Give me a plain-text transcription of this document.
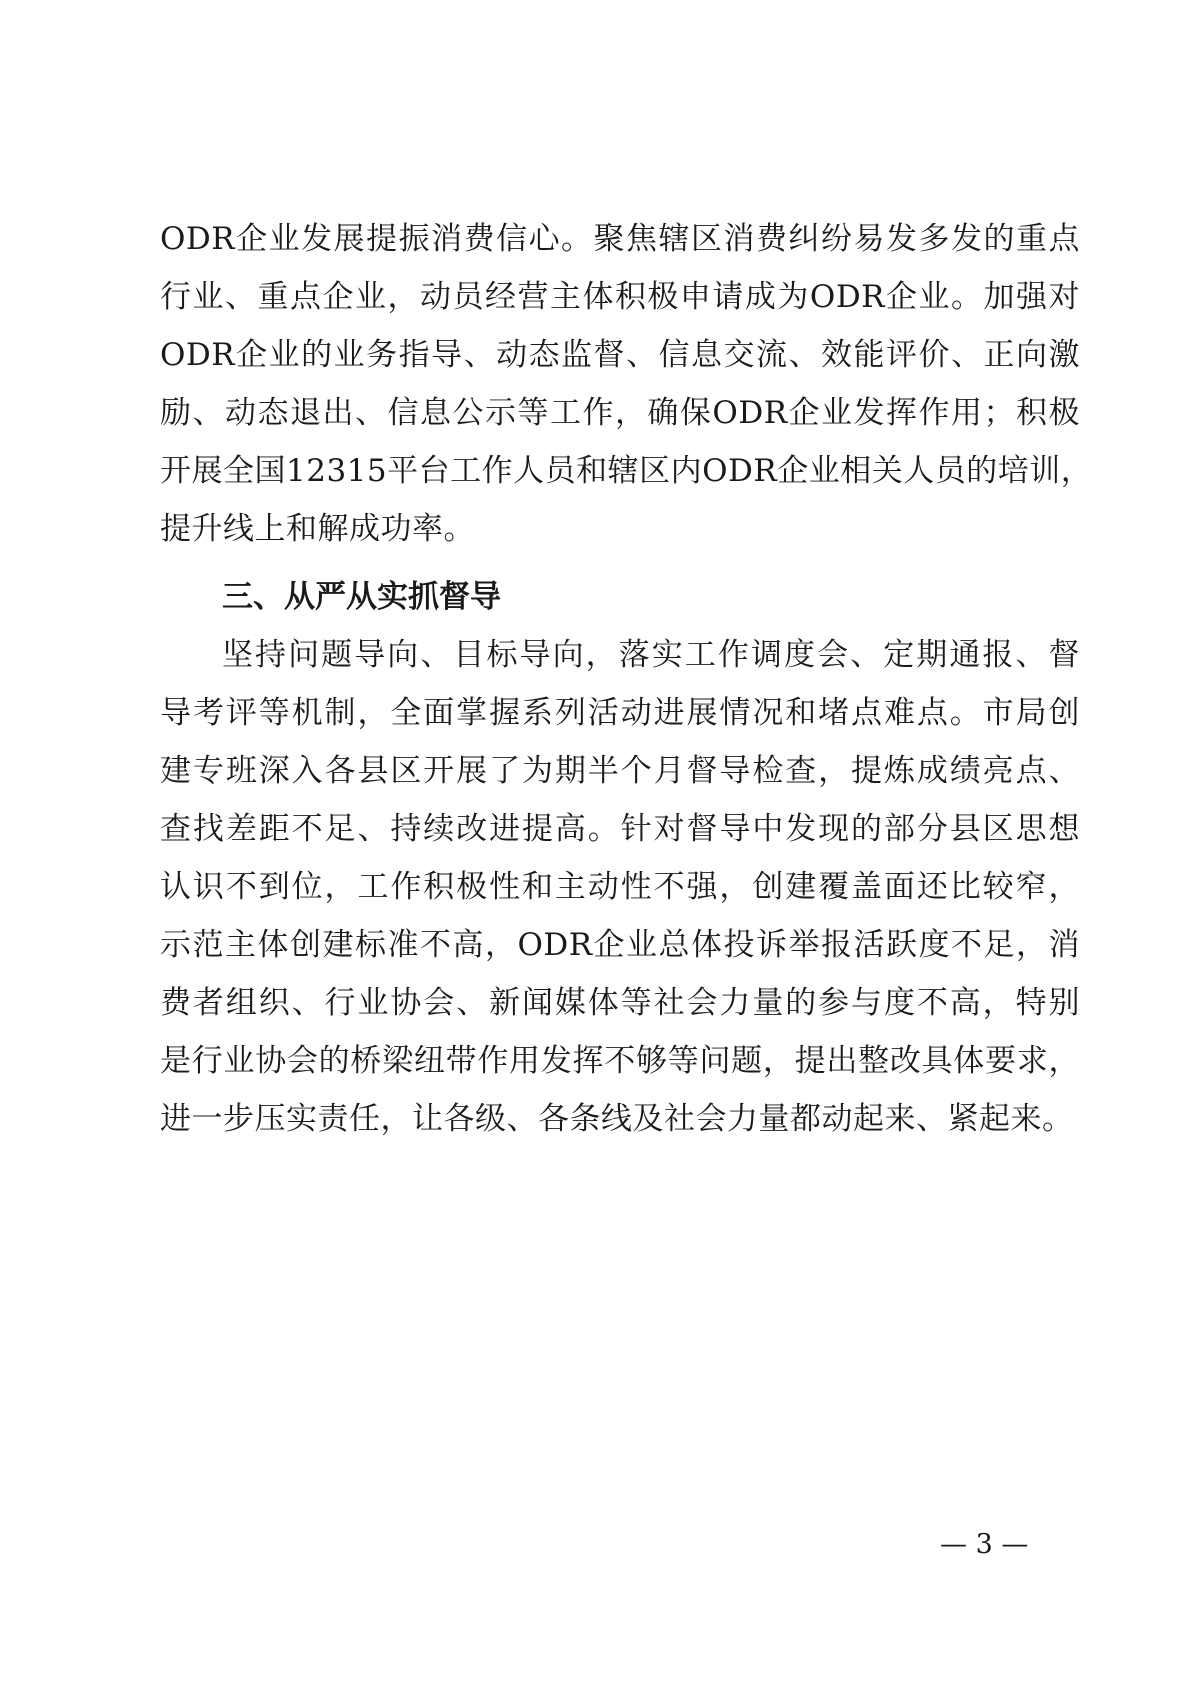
ODR企业发展提振消费信心。聚焦辖区消费纠纷易发多发的重点
行业、重点企业，动员经营主体积极申请成为ODR企业。加强对
ODR企业的业务指导、动态监督、信息交流、效能评价、正向激
励、动态退出、信息公示等工作，确保ODR企业发挥作用；积极
开展全国12315平台工作人员和辖区内ODR企业相关人员的培训，
提升线上和解成功率。
三、从严从实抓督导
坚持问题导向、目标导向，落实工作调度会、定期通报、督
导考评等机制，全面掌握系列活动进展情况和堵点难点。市局创
建专班深入各县区开展了为期半个月督导检查，提炼成绩亮点、
查找差距不足、持续改进提高。针对督导中发现的部分县区思想
认识不到位，工作积极性和主动性不强，创建覆盖面还比较窄，
示范主体创建标准不高，ODR企业总体投诉举报活跃度不足，消
费者组织、行业协会、新闻媒体等社会力量的参与度不高，特别
是行业协会的桥梁纽带作用发挥不够等问题，提出整改具体要求，
进一步压实责任，让各级、各条线及社会力量都动起来、紧起来。
— 3 —
